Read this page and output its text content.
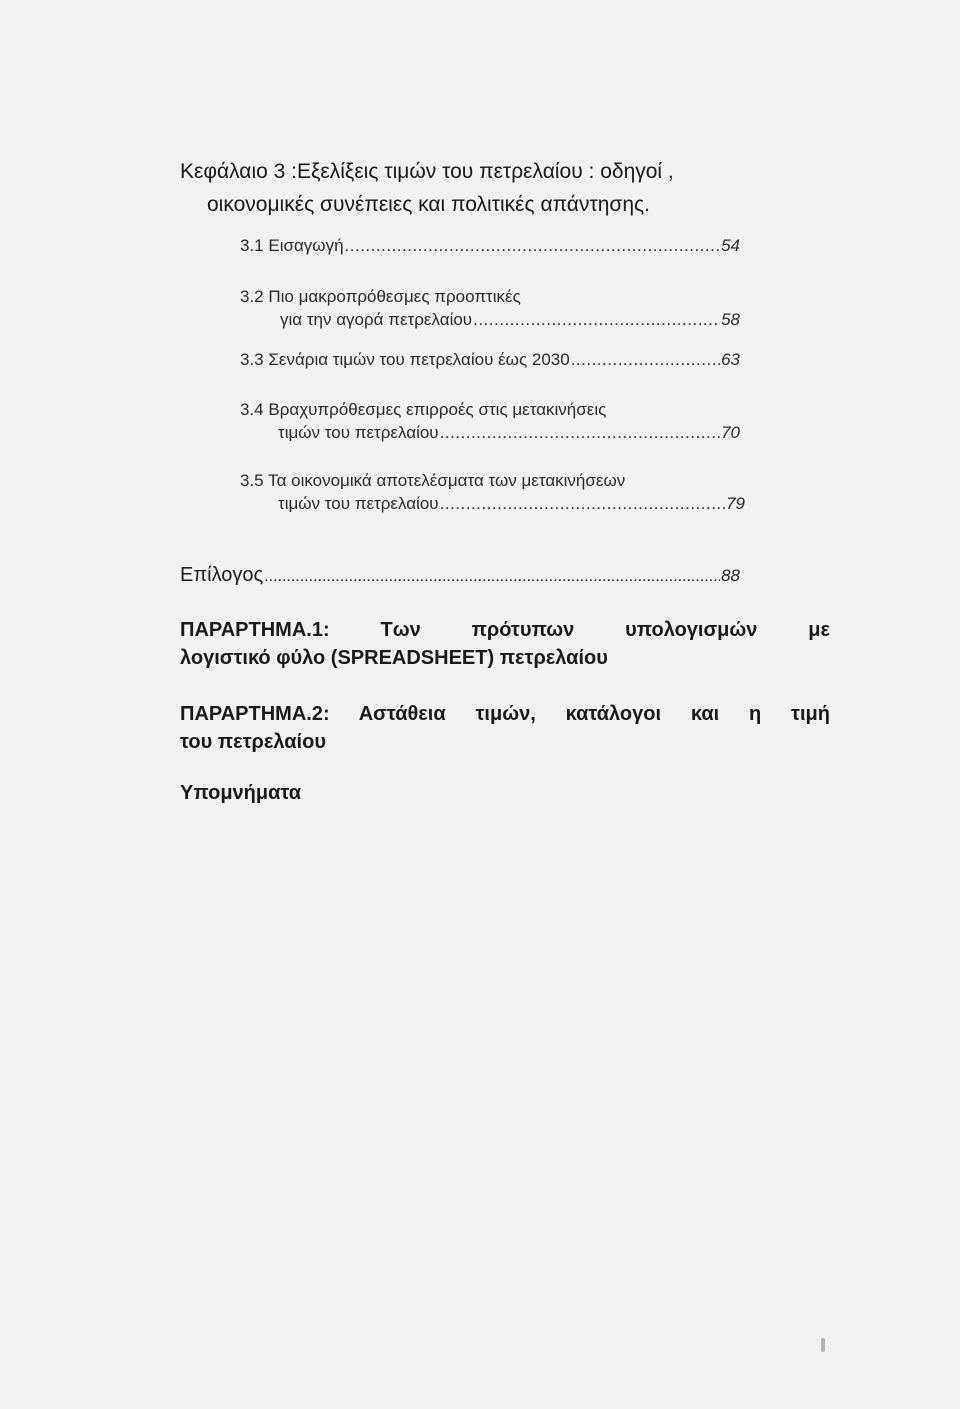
Κεφάλαιο 3 :Εξελίξεις τιμών του πετρελαίου : οδηγοί ,
οικονομικές συνέπειες και πολιτικές απάντησης.
3.1 Εισαγωγή .....	54
3.2 Πιο μακροπρόθεσμες προοπτικές
για την αγορά πετρελαίου .....	58
3.3 Σενάρια τιμών του πετρελαίου έως 2030 .....	63
3.4 Βραχυπρόθεσμες επιρροές στις μετακινήσεις
τιμών του πετρελαίου .....	70
3.5 Τα οικονομικά αποτελέσματα των μετακινήσεων
τιμών του πετρελαίου .....	79
Επίλογος .....	88
ΠΑΡΑΡΤΗΜΑ.1: Των πρότυπων υπολογισμών με
λογιστικό φύλο (SPREADSHEET) πετρελαίου
ΠΑΡΑΡΤΗΜΑ.2: Αστάθεια τιμών, κατάλογοι και η τιμή
του πετρελαίου
Υπομνήματα
